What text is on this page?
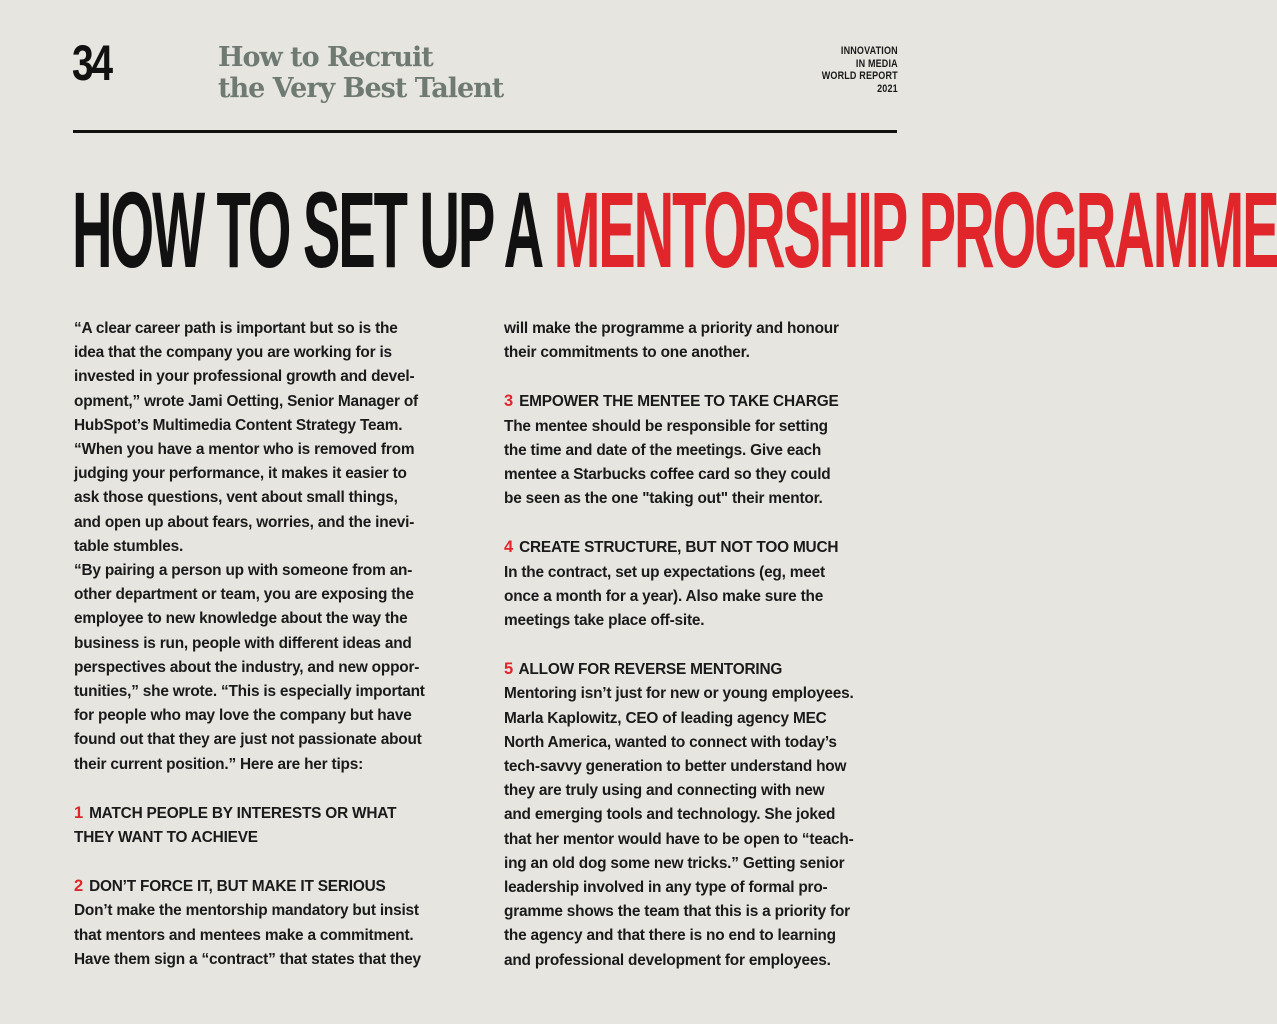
34	How to Recruit
the Very Best Talent
INNOVATION
IN MEDIA
WORLD REPORT
2021
HOW TO SET UP A MENTORSHIP PROGRAMME

“A clear career path is important but so is the

idea that the company you are working for is

invested in your professional growth and devel-

opment,” wrote Jami Oetting, Senior Manager of

HubSpot’s Multimedia Content Strategy Team.

“When you have a mentor who is removed from

judging your performance, it makes it easier to

ask those questions, vent about small things,

and open up about fears, worries, and the inevi-

table stumbles.

“By pairing a person up with someone from an-

other department or team, you are exposing the

employee to new knowledge about the way the

business is run, people with different ideas and

perspectives about the industry, and new oppor-

tunities,” she wrote. “This is especially important

for people who may love the company but have

found out that they are just not passionate about

their current position.” Here are her tips:

1 MATCH PEOPLE BY INTERESTS OR WHAT

THEY WANT TO ACHIEVE

2 DON’T FORCE IT, BUT MAKE IT SERIOUS

Don’t make the mentorship mandatory but insist

that mentors and mentees make a commitment.

Have them sign a “contract” that states that they

will make the programme a priority and honour

their commitments to one another.

3 EMPOWER THE MENTEE TO TAKE CHARGE

The mentee should be responsible for setting

the time and date of the meetings. Give each

mentee a Starbucks coffee card so they could

be seen as the one "taking out" their mentor.

4 CREATE STRUCTURE, BUT NOT TOO MUCH

In the contract, set up expectations (eg, meet

once a month for a year). Also make sure the

meetings take place off-site.

5 ALLOW FOR REVERSE MENTORING

Mentoring isn’t just for new or young employees.

Marla Kaplowitz, CEO of leading agency MEC

North America, wanted to connect with today’s

tech-savvy generation to better understand how

they are truly using and connecting with new

and emerging tools and technology. She joked

that her mentor would have to be open to “teach-

ing an old dog some new tricks.” Getting senior

leadership involved in any type of formal pro-

gramme shows the team that this is a priority for

the agency and that there is no end to learning

and professional development for employees.
